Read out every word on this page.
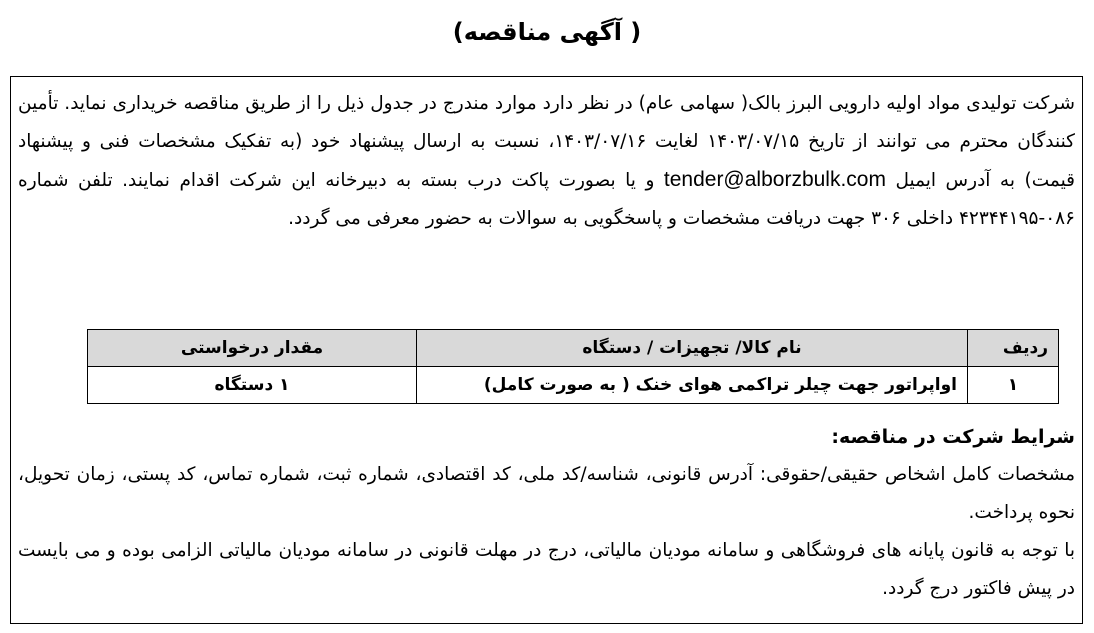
( آگهی مناقصه)
شرکت تولیدی مواد اولیه دارویی البرز بالک( سهامی عام) در نظر دارد موارد مندرج در جدول ذیل را از طریق مناقصه خریداری نماید. تأمین کنندگان محترم می توانند از تاریخ ۱۴۰۳/۰۷/۱۵ لغایت ۱۴۰۳/۰۷/۱۶، نسبت به ارسال پیشنهاد خود (به تفکیک مشخصات فنی و پیشنهاد قیمت) به آدرس ایمیل tender@alborzbulk.com و یا بصورت پاکت درب بسته به دبیرخانه این شرکت اقدام نمایند. تلفن شماره ۰۸۶-۴۲۳۴۴۱۹۵ داخلی ۳۰۶ جهت دریافت مشخصات و پاسخگویی به سوالات به حضور معرفی می گردد.
ردیف	نام کالا/ تجهیزات / دستگاه	مقدار درخواستی
۱	اواپراتور جهت چیلر تراکمی هوای خنک ( به صورت کامل)	۱ دستگاه
شرایط شرکت در مناقصه:

مشخصات کامل اشخاص حقیقی/حقوقی: آدرس قانونی، شناسه/کد ملی، کد اقتصادی، شماره ثبت، شماره تماس، کد پستی، زمان تحویل، نحوه پرداخت.

با توجه به قانون پایانه های فروشگاهی و سامانه مودیان مالیاتی، درج در مهلت قانونی در سامانه مودیان مالیاتی الزامی بوده و می بایست در پیش فاکتور درج گردد.
